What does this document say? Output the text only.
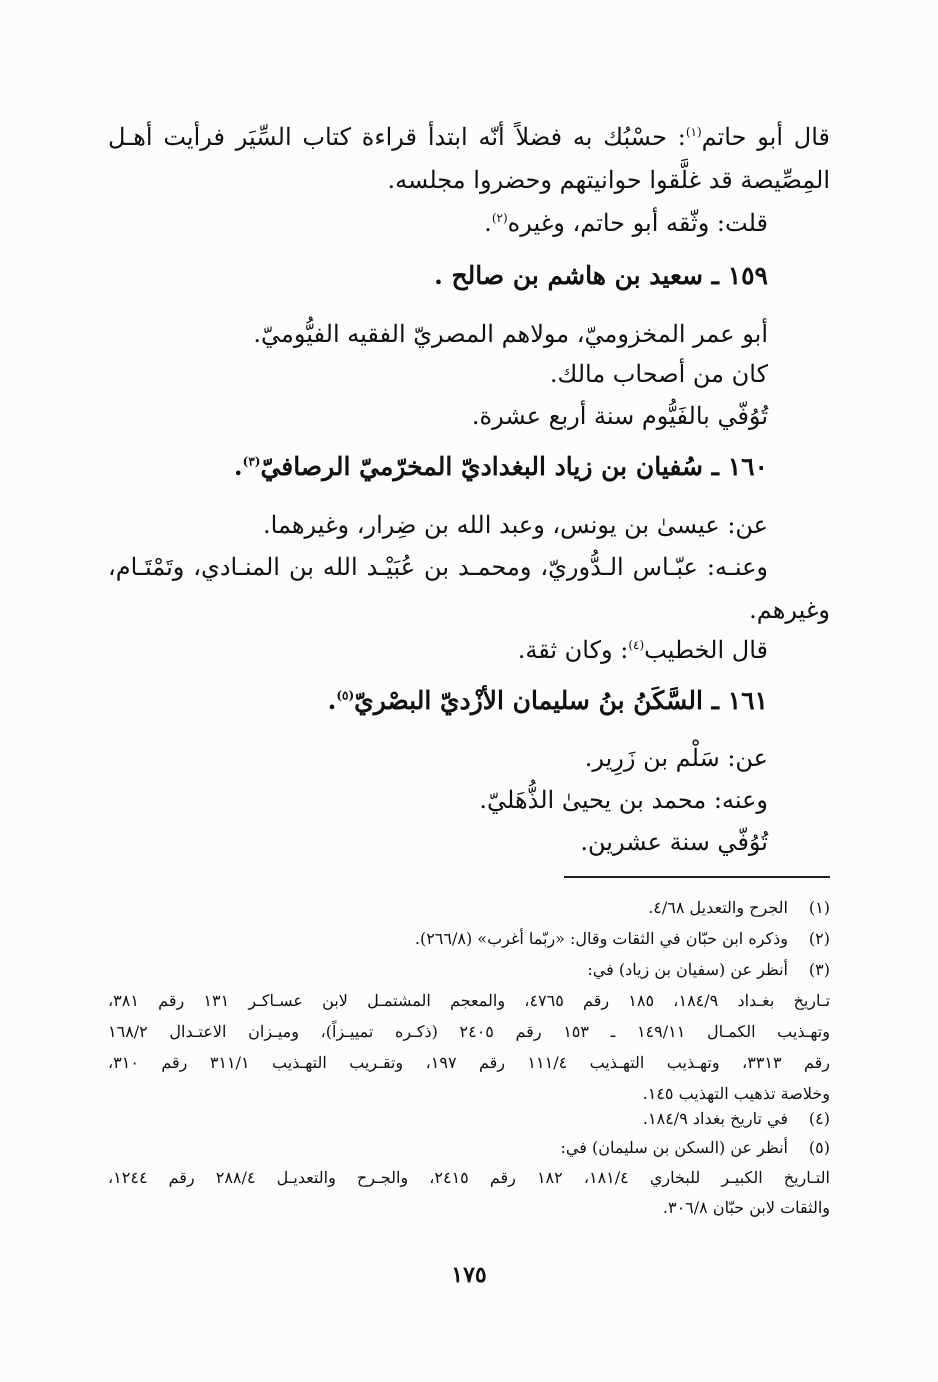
قال أبو حاتم$^{(١)}$: حسْبُك به فضلاً أنّه ابتدأ قراءة كتاب السِّيَر فرأيت أهـل
المِصِّيصة قد غلَّقوا حوانيتهم وحضروا مجلسه.
قلت: وثّقه أبو حاتم، وغيره$^{(٢)}$.
١٥٩ ـ سعيد بن هاشم بن صالح .
أبو عمر المخزوميّ، مولاهم المصريّ الفقيه الفيُّوميّ.
كان من أصحاب مالك.
تُوُفّي بالفَيُّوم سنة أربع عشرة.
١٦٠ ـ سُفيان بن زياد البغداديّ المخرّميّ الرصافيّ$^{(٣)}$.
عن: عيسىٰ بن يونس، وعبد الله بن ضِرار، وغيرهما.
وعنـه: عبّـاس الـدُّوريّ، ومحمـد بن عُبَيْـد الله بن المنـادي، وتَمْتَـام،
وغيرهم.
قال الخطيب$^{(٤)}$: وكان ثقة.
١٦١ ـ السَّكَنُ بنُ سليمان الأزْديّ البصْريّ$^{(٥)}$.
عن: سَلْم بن زَرِير.
وعنه: محمد بن يحيىٰ الذُّهَليّ.
تُوُفّي سنة عشرين.
(١)الجرح والتعديل ٤/٦٨.
(٢)وذكره ابن حبّان في الثقات وقال: «ربّما أغرب» (٢٦٦/٨).
(٣)أنظر عن (سفيان بن زياد) في:
تـاريخ بغـداد ١٨٤/٩، ١٨٥ رقم ٤٧٦٥، والمعجم المشتمـل لابن عسـاكـر ١٣١ رقم ٣٨١،
وتهـذيب الكمـال ١٤٩/١١ ـ ١٥٣ رقم ٢٤٠٥ (ذكـره تمييـزاً)، وميـزان الاعتـدال ١٦٨/٢
رقم ٣٣١٣، وتهـذيب التهـذيب ١١١/٤ رقم ١٩٧، وتقـريب التهـذيب ٣١١/١ رقم ٣١٠،
وخلاصة تذهيب التهذيب ١٤٥.
(٤)في تاريخ بغداد ١٨٤/٩.
(٥)أنظر عن (السكن بن سليمان) في:
التـاريخ الكبيـر للبخاري ١٨١/٤، ١٨٢ رقم ٢٤١٥، والجـرح والتعديـل ٢٨٨/٤ رقم ١٢٤٤،
والثقات لابن حبّان ٣٠٦/٨.
١٧٥
